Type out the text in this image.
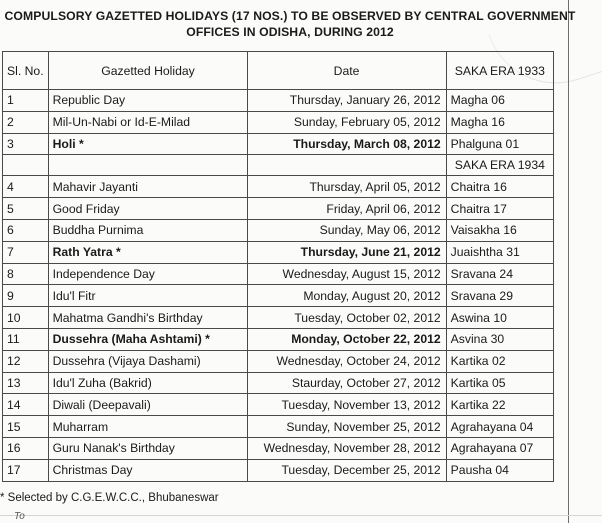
COMPULSORY GAZETTED HOLIDAYS (17 NOS.) TO BE OBSERVED BY CENTRAL GOVERNMENT
OFFICES IN ODISHA, DURING 2012
Sl. No.	Gazetted Holiday	Date	SAKA ERA 1933
1	Republic Day	Thursday, January 26, 2012	Magha 06
2	Mil-Un-Nabi or Id-E-Milad	Sunday, February 05, 2012	Magha 16
3	Holi *	Thursday, March 08, 2012	Phalguna 01
			SAKA ERA 1934
4	Mahavir Jayanti	Thursday, April 05, 2012	Chaitra 16
5	Good Friday	Friday, April 06, 2012	Chaitra 17
6	Buddha Purnima	Sunday, May 06, 2012	Vaisakha 16
7	Rath Yatra *	Thursday, June 21, 2012	Juaishtha 31
8	Independence Day	Wednesday, August 15, 2012	Sravana 24
9	Idu'l Fitr	Monday, August 20, 2012	Sravana 29
10	Mahatma Gandhi's Birthday	Tuesday, October 02, 2012	Aswina 10
11	Dussehra (Maha Ashtami) *	Monday, October 22, 2012	Asvina 30
12	Dussehra (Vijaya Dashami)	Wednesday, October 24, 2012	Kartika 02
13	Idu'l Zuha (Bakrid)	Staurday, October 27, 2012	Kartika 05
14	Diwali (Deepavali)	Tuesday, November 13, 2012	Kartika 22
15	Muharram	Sunday, November 25, 2012	Agrahayana 04
16	Guru Nanak's Birthday	Wednesday, November 28, 2012	Agrahayana 07
17	Christmas Day	Tuesday, December 25, 2012	Pausha 04
* Selected by C.G.E.W.C.C., Bhubaneswar
To
